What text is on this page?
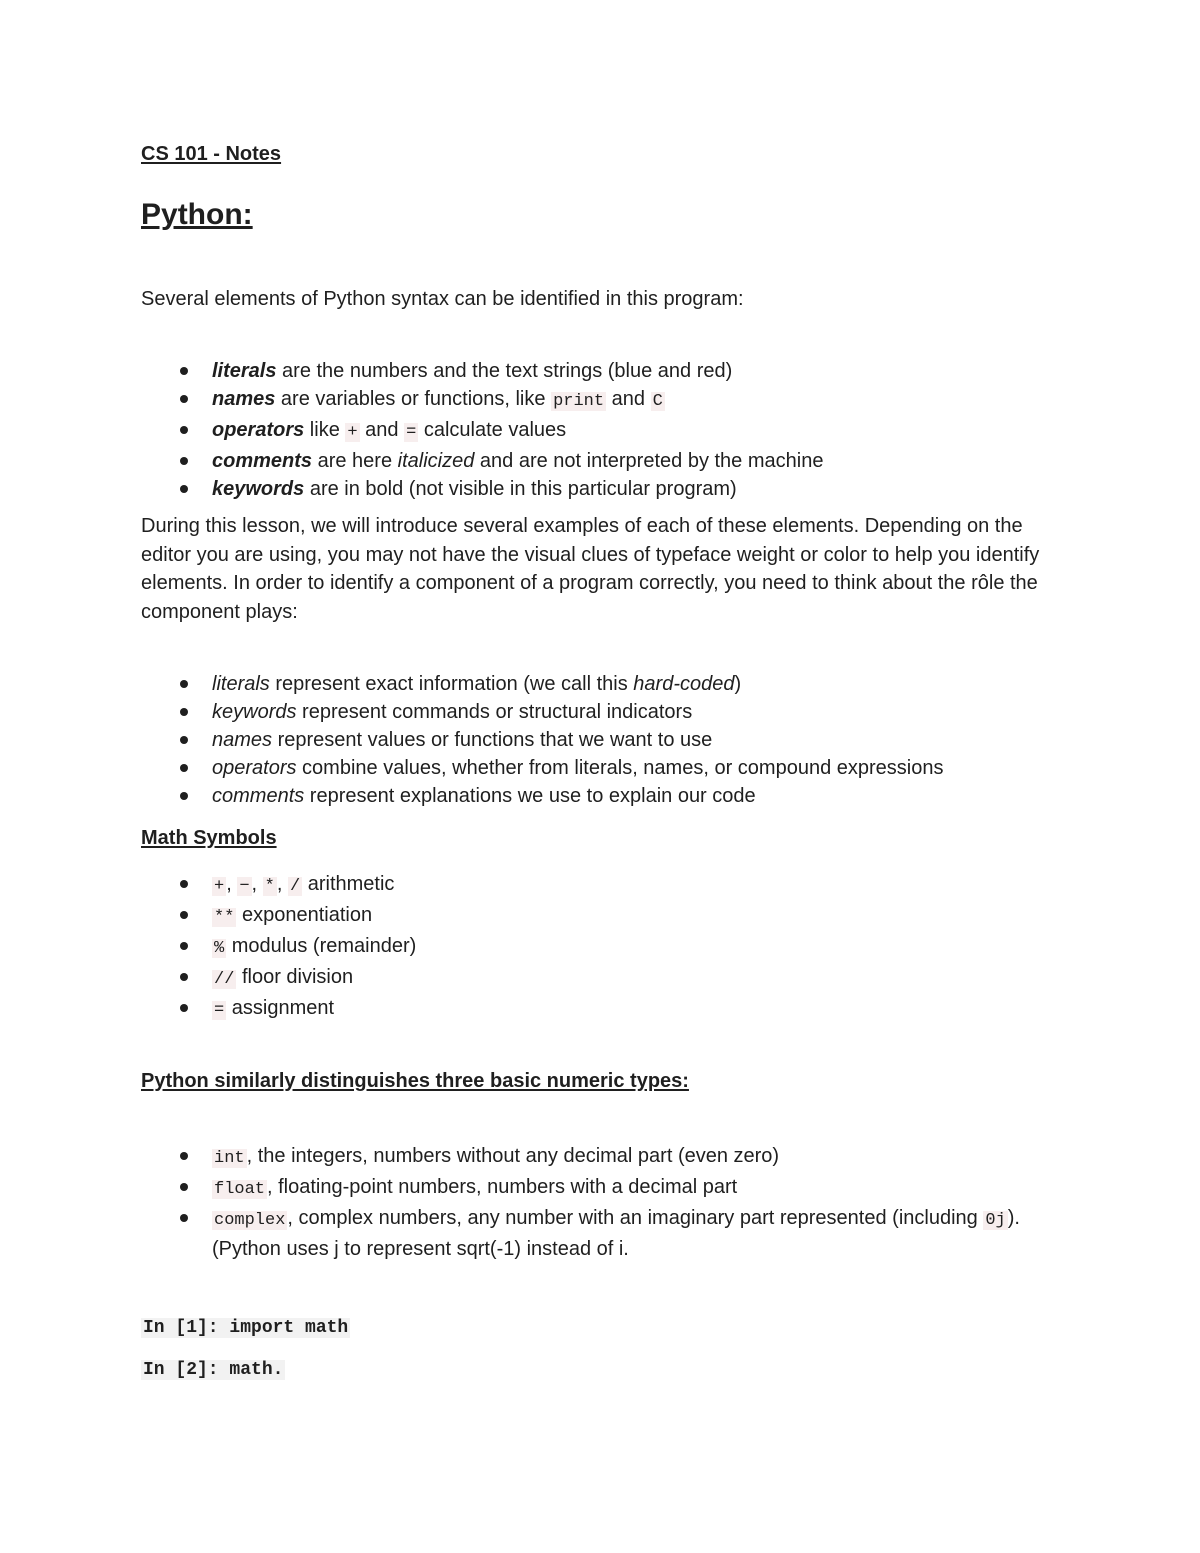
CS 101 - Notes
Python:
Several elements of Python syntax can be identified in this program:
literals are the numbers and the text strings (blue and red)
names are variables or functions, like print and C
operators like + and = calculate values
comments are here italicized and are not interpreted by the machine
keywords are in bold (not visible in this particular program)
During this lesson, we will introduce several examples of each of these elements. Depending on the editor you are using, you may not have the visual clues of typeface weight or color to help you identify elements. In order to identify a component of a program correctly, you need to think about the rôle the component plays:
literals represent exact information (we call this hard-coded)
keywords represent commands or structural indicators
names represent values or functions that we want to use
operators combine values, whether from literals, names, or compound expressions
comments represent explanations we use to explain our code
Math Symbols
+ , − , * , / arithmetic
** exponentiation
% modulus (remainder)
// floor division
= assignment
Python similarly distinguishes three basic numeric types:
int , the integers, numbers without any decimal part (even zero)
float , floating-point numbers, numbers with a decimal part
complex , complex numbers, any number with an imaginary part represented (including 0j ).
(Python uses j to represent sqrt(-1) instead of i.
In [1]: import math
In [2]: math.
